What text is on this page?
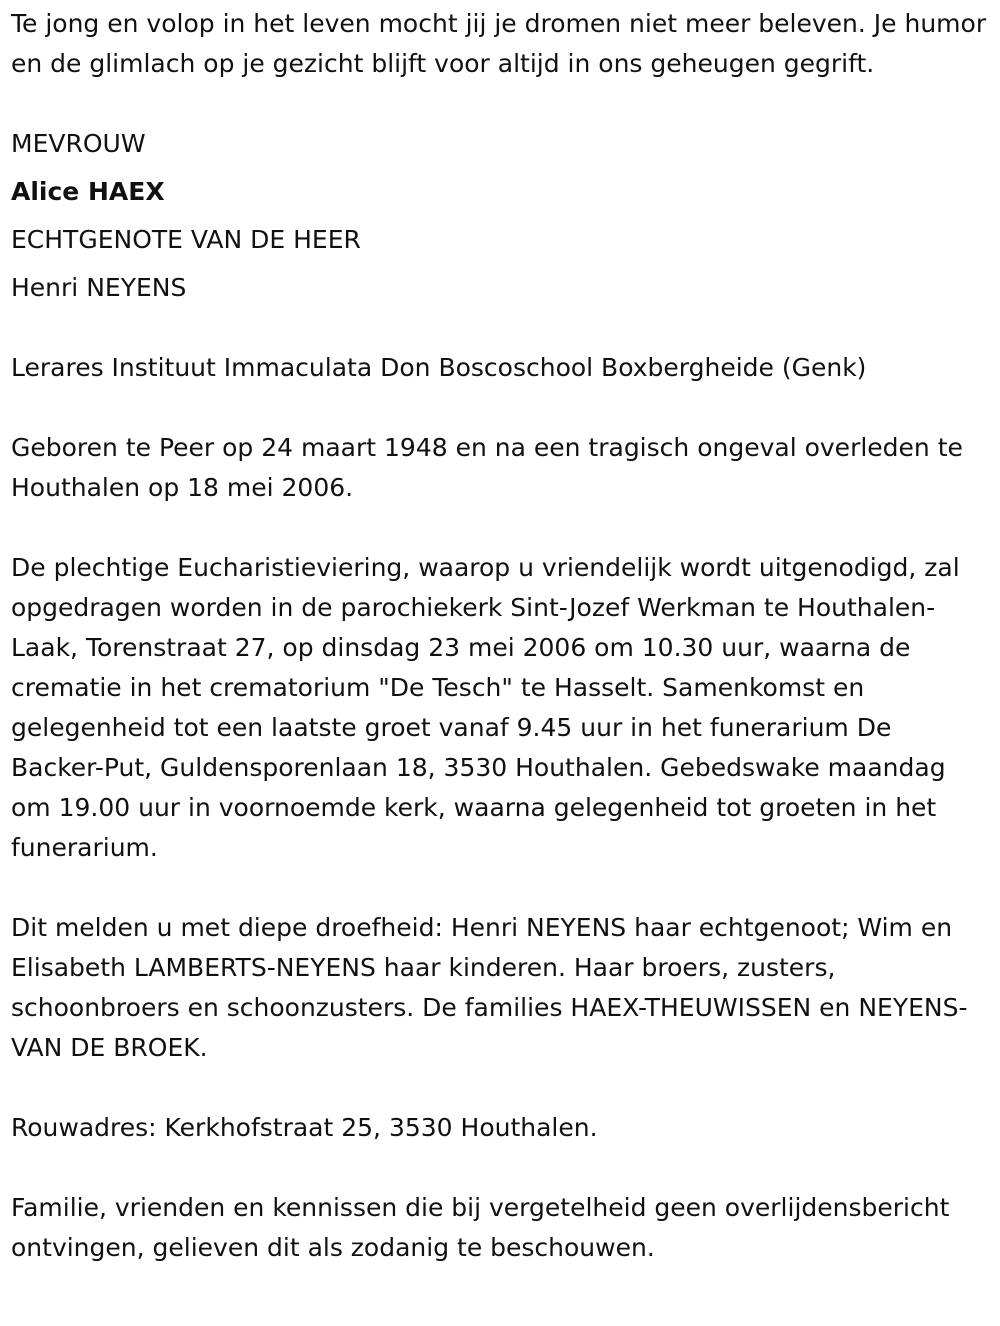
Te jong en volop in het leven mocht jij je dromen niet meer beleven. Je humor en de glimlach op je gezicht blijft voor altijd in ons geheugen gegrift.

MEVROUW

Alice HAEX

ECHTGENOTE VAN DE HEER

Henri NEYENS

Lerares Instituut Immaculata Don Boscoschool Boxbergheide (Genk)

Geboren te Peer op 24 maart 1948 en na een tragisch ongeval overleden te Houthalen op 18 mei 2006.

De plechtige Eucharistieviering, waarop u vriendelijk wordt uitgenodigd, zal opgedragen worden in de parochiekerk Sint-Jozef Werkman te Houthalen-Laak, Torenstraat 27, op dinsdag 23 mei 2006 om 10.30 uur, waarna de crematie in het crematorium "De Tesch" te Hasselt. Samenkomst en gelegenheid tot een laatste groet vanaf 9.45 uur in het funerarium De Backer-Put, Guldensporenlaan 18, 3530 Houthalen. Gebedswake maandag om 19.00 uur in voornoemde kerk, waarna gelegenheid tot groeten in het funerarium.

Dit melden u met diepe droefheid: Henri NEYENS haar echtgenoot; Wim en Elisabeth LAMBERTS-NEYENS haar kinderen. Haar broers, zusters, schoonbroers en schoonzusters. De families HAEX-THEUWISSEN en NEYENS-VAN DE BROEK.

Rouwadres: Kerkhofstraat 25, 3530 Houthalen.

Familie, vrienden en kennissen die bij vergetelheid geen overlijdensbericht ontvingen, gelieven dit als zodanig te beschouwen.
